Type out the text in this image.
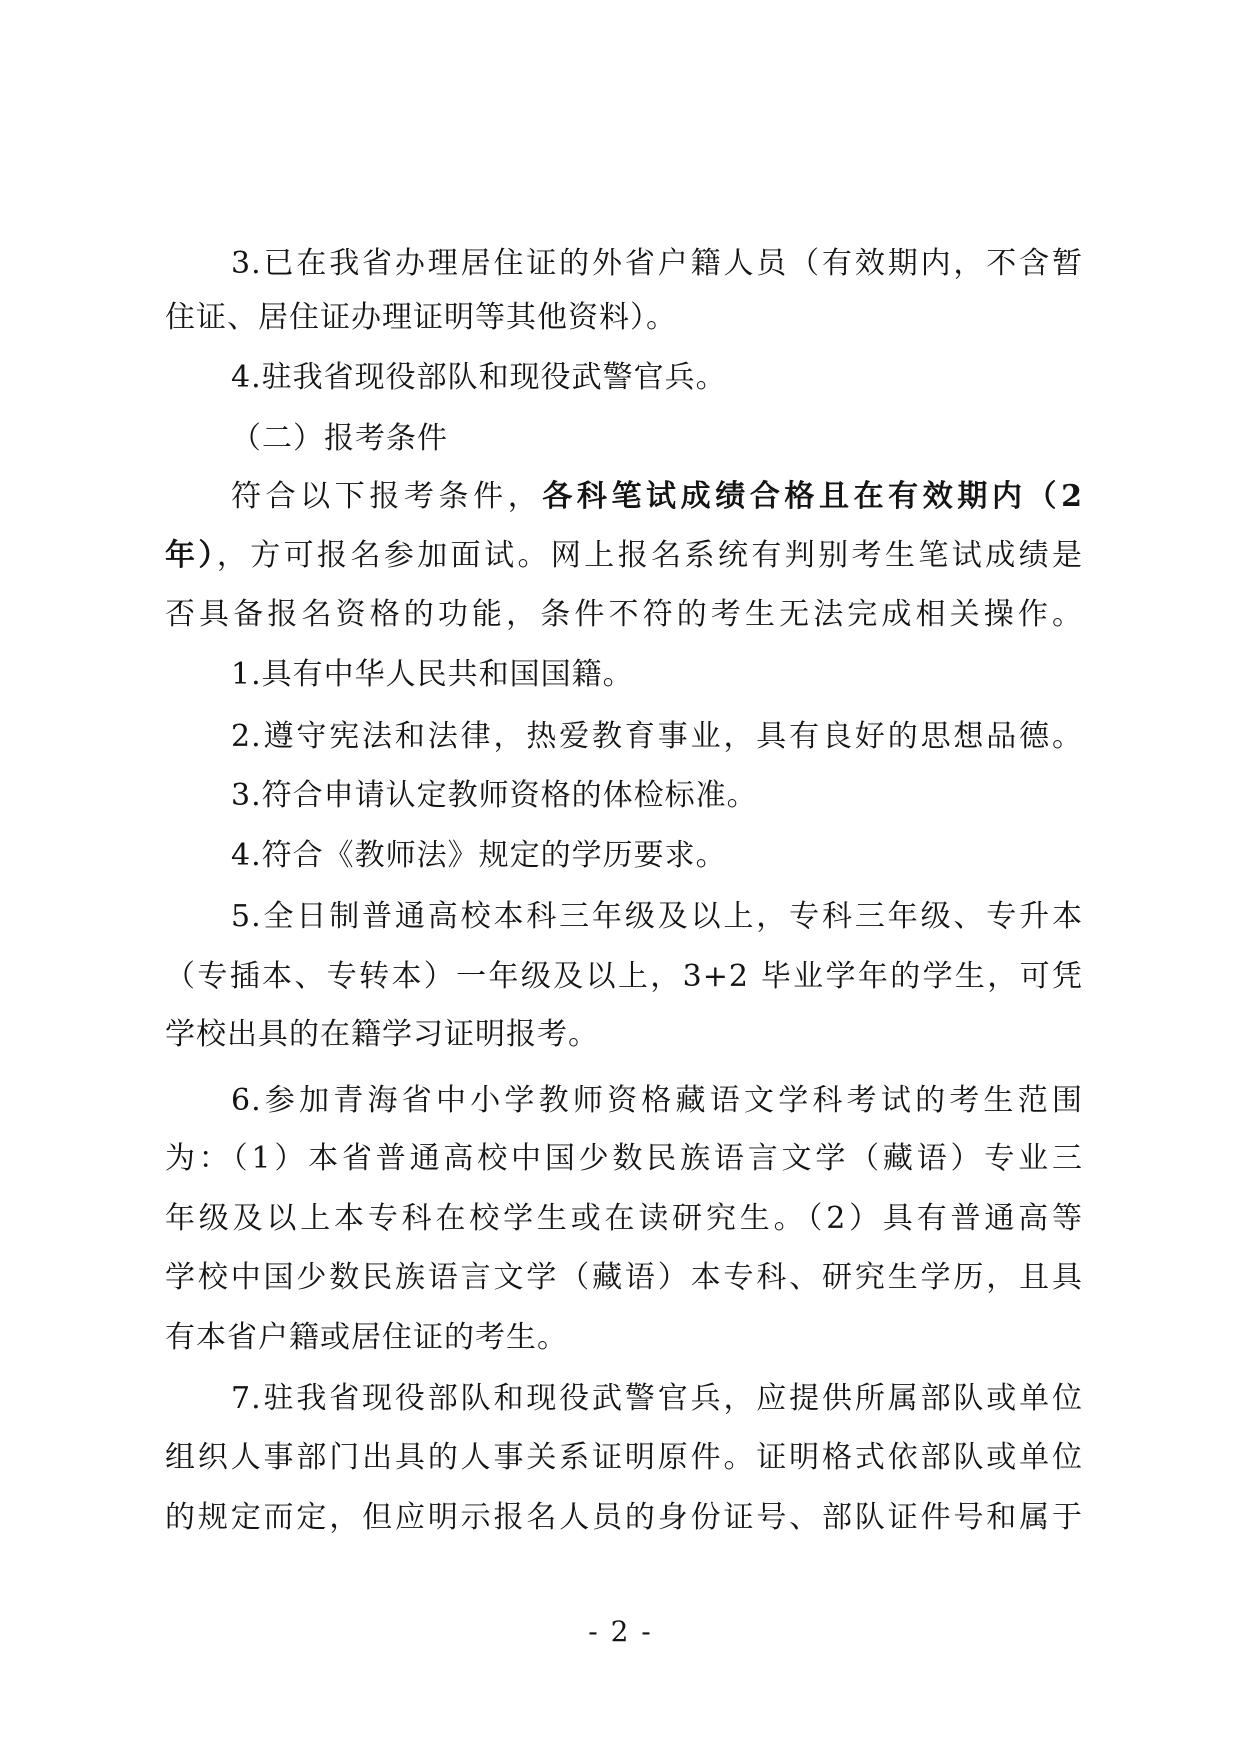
3.已在我省办理居住证的外省户籍人员（有效期内，不含暂
住证、居住证办理证明等其他资料）。
4.驻我省现役部队和现役武警官兵。
（二）报考条件
符合以下报考条件，各科笔试成绩合格且在有效期内（2
年），方可报名参加面试。网上报名系统有判别考生笔试成绩是
否具备报名资格的功能，条件不符的考生无法完成相关操作。
1.具有中华人民共和国国籍。
2.遵守宪法和法律，热爱教育事业，具有良好的思想品德。
3.符合申请认定教师资格的体检标准。
4.符合《教师法》规定的学历要求。
5.全日制普通高校本科三年级及以上，专科三年级、专升本
（专插本、专转本）一年级及以上，3+2 毕业学年的学生，可凭
学校出具的在籍学习证明报考。
6.参加青海省中小学教师资格藏语文学科考试的考生范围
为：（1）本省普通高校中国少数民族语言文学（藏语）专业三
年级及以上本专科在校学生或在读研究生。（2）具有普通高等
学校中国少数民族语言文学（藏语）本专科、研究生学历，且具
有本省户籍或居住证的考生。
7.驻我省现役部队和现役武警官兵，应提供所属部队或单位
组织人事部门出具的人事关系证明原件。证明格式依部队或单位
的规定而定，但应明示报名人员的身份证号、部队证件号和属于
- 2 -
